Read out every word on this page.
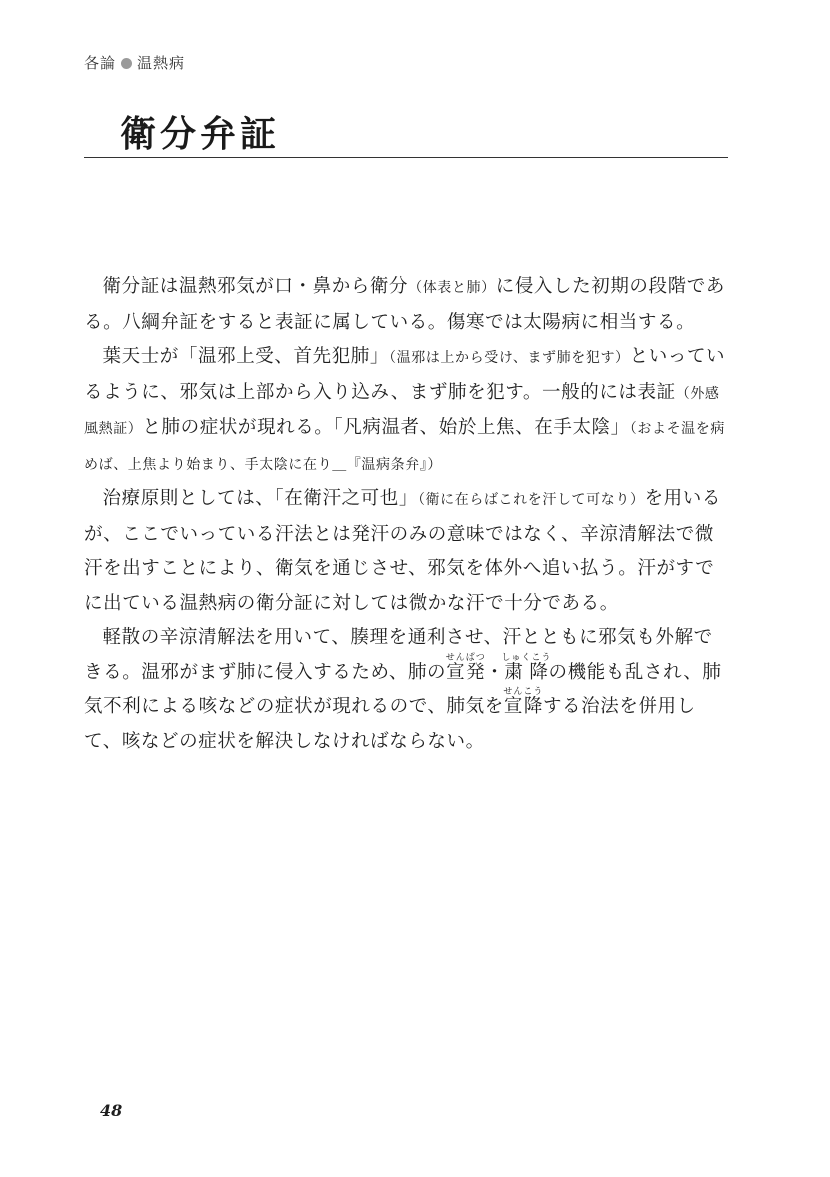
各論 温熱病
衛分弁証

衛分証は温熱邪気が口・鼻から衛分（体表と肺）に侵入した初期の段階である。八綱弁証をすると表証に属している。傷寒では太陽病に相当する。

葉天士が「温邪上受、首先犯肺」（温邪は上から受け、まず肺を犯す）といっているように、邪気は上部から入り込み、まず肺を犯す。一般的には表証（外感風熱証）と肺の症状が現れる。「凡病温者、始於上焦、在手太陰」（およそ温を病めば、上焦より始まり、手太陰に在り＿『温病条弁』）

治療原則としては、「在衛汗之可也」（衛に在らばこれを汗して可なり）を用いるが、ここでいっている汗法とは発汗のみの意味ではなく、辛涼清解法で微汗を出すことにより、衛気を通じさせ、邪気を体外へ追い払う。汗がすでに出ている温熱病の衛分証に対しては微かな汗で十分である。

軽散の辛涼清解法を用いて、腠理を通利させ、汗とともに邪気も外解できる。温邪がまず肺に侵入するため、肺の宣発せんぱつ・粛降しゅくこうの機能も乱され、肺気不利による咳などの症状が現れるので、肺気を宣降せんこうする治法を併用して、咳などの症状を解決しなければならない。

48
